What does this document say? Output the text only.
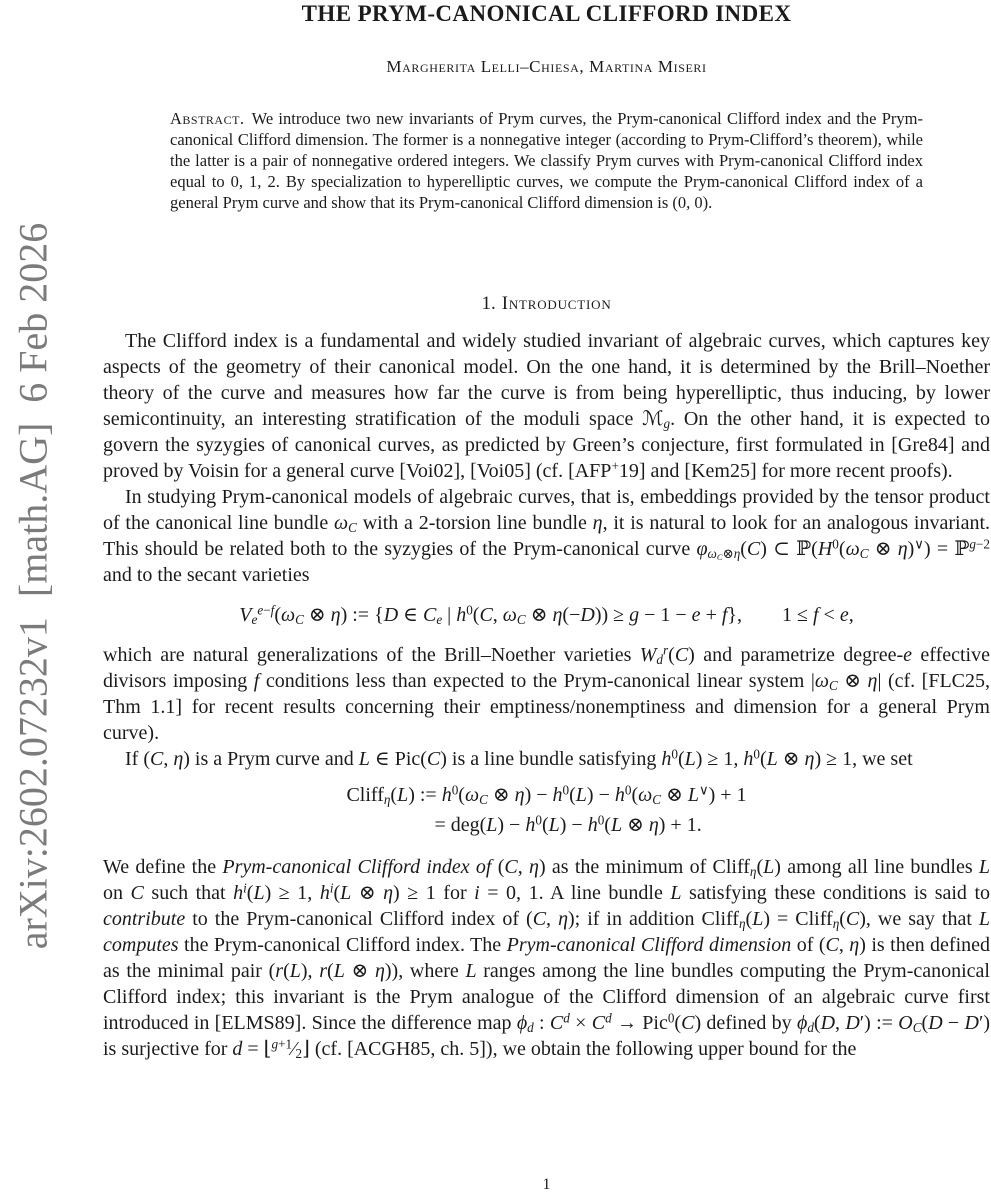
arXiv:2602.07232v1  [math.AG]  6 Feb 2026
THE PRYM-CANONICAL CLIFFORD INDEX
Margherita Lelli–Chiesa, Martina Miseri

Abstract. We introduce two new invariants of Prym curves, the Prym-canonical Clifford index and the Prym-canonical Clifford dimension. The former is a nonnegative integer (according to Prym-Clifford’s theorem), while the latter is a pair of nonnegative ordered integers. We classify Prym curves with Prym-canonical Clifford index equal to 0, 1, 2. By specialization to hyperelliptic curves, we compute the Prym-canonical Clifford index of a general Prym curve and show that its Prym-canonical Clifford dimension is (0, 0).

1. Introduction

The Clifford index is a fundamental and widely studied invariant of algebraic curves, which captures key aspects of the geometry of their canonical model. On the one hand, it is determined by the Brill–Noether theory of the curve and measures how far the curve is from being hyperelliptic, thus inducing, by lower semicontinuity, an interesting stratification of the moduli space ℳ$_g$. On the other hand, it is expected to govern the syzygies of canonical curves, as predicted by Green’s conjecture, first formulated in [Gre84] and proved by Voisin for a general curve [Voi02], [Voi05] (cf. [AFP+19] and [Kem25] for more recent proofs).

In studying Prym-canonical models of algebraic curves, that is, embeddings provided by the tensor product of the canonical line bundle $\omega_C$ with a 2-torsion line bundle η, it is natural to look for an analogous invariant. This should be related both to the syzygies of the Prym-canonical curve $\varphi_{\omega_C\otimes\eta}(C)$ ⊂ $ℙ(H^0(\omega_C$ ⊗ η)∨) = ℙ$^{g-2}$ and to the secant varieties

$V_e^{e-f}(\omega_C$ ⊗ η) := {D ∈ $C_e$ | $h^0(C$, $\omega_C$ ⊗ η(−D)) ≥ g − 1 − e + f},  1 ≤ f < e,

which are natural generalizations of the Brill–Noether varieties $W_d^r(C)$ and parametrize degree-e effective divisors imposing f conditions less than expected to the Prym-canonical linear system $|\omega_C$ ⊗ η| (cf. [FLC25, Thm 1.1] for recent results concerning their emptiness/nonemptiness and dimension for a general Prym curve).

If (C, η) is a Prym curve and L ∈ Pic(C) is a line bundle satisfying $h^0(L) \ge 1$, $h^0(L$ ⊗ η) ≥ 1, we set

Cliff$_\eta$(L) := $h^0(\omega_C$ ⊗ $\eta) - h^0(L) - h^0(\omega_C$ ⊗ L∨) + 1
= $deg(L) - h^0(L) - h^0(L$ ⊗ η) + 1.

We define the Prym-canonical Clifford index of (C, η) as the minimum of Cliff$_\eta$(L) among all line bundles L on C such that $h^i(L) \ge 1$, $h^i(L$ ⊗ η) ≥ 1 for i = 0, 1. A line bundle L satisfying these conditions is said to contribute to the Prym-canonical Clifford index of (C, η); if in addition Cliff$_\eta$(L) = Cliff$_\eta$(C), we say that L computes the Prym-canonical Clifford index. The Prym-canonical Clifford dimension of (C, η) is then defined as the minimal pair (r(L), r(L ⊗ η)), where L ranges among the line bundles computing the Prym-canonical Clifford index; this invariant is the Prym analogue of the Clifford dimension of an algebraic curve first introduced in [ELMS89]. Since the difference map $\phi_d$ : $C^d \times C^d \to Pic^0(C)$ defined by $\phi_d(D$, D′) := $O_C(D - D')$ is surjective for $d = ⌊^{g+1}⁄_2⌋$ (cf. [ACGH85, ch. 5]), we obtain the following upper bound for the

1
